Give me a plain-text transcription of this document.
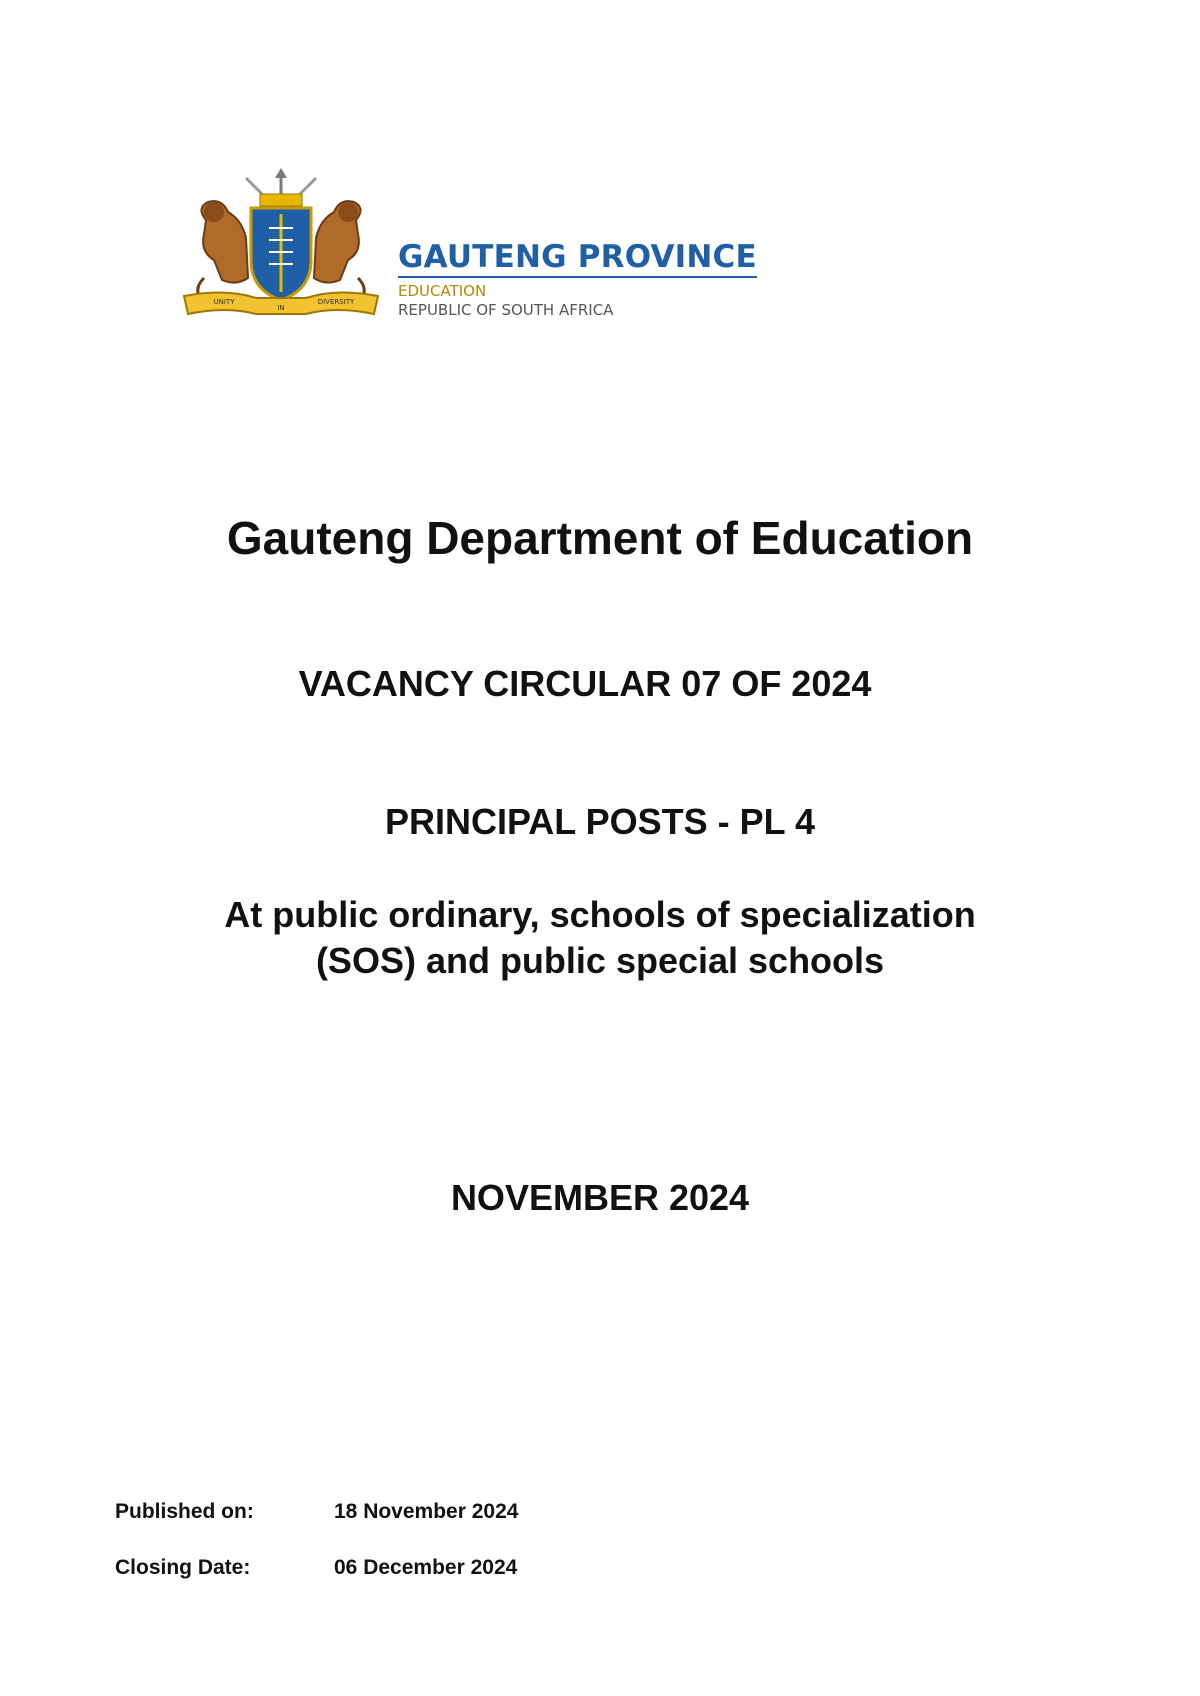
UNITY
IN
DIVERSITY
GAUTENG PROVINCE
EDUCATION
REPUBLIC OF SOUTH AFRICA
Gauteng Department of Education
VACANCY CIRCULAR 07 OF 2024
PRINCIPAL POSTS - PL 4
At public ordinary, schools of specialization
(SOS) and public special schools
NOVEMBER 2024
Published on:	18 November 2024
Closing Date:	06 December 2024
